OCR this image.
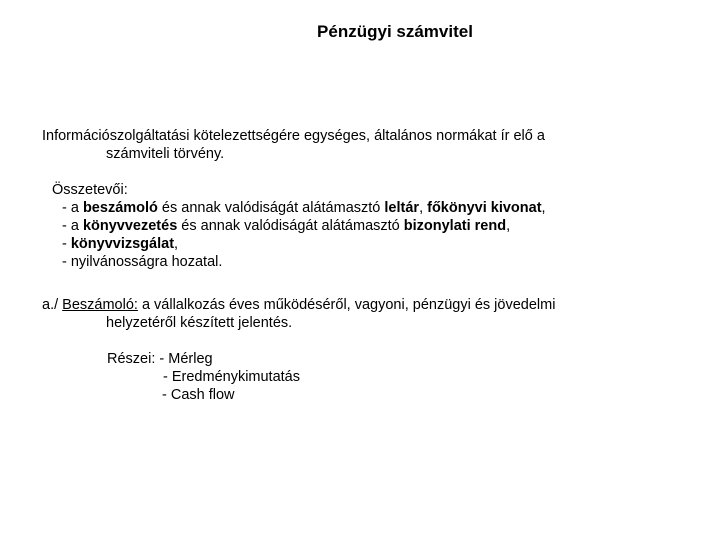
Pénzügyi számvitel
Információszolgáltatási kötelezettségére egységes, általános normákat ír elő a
számviteli törvény.
Összetevői:
- a beszámoló és annak valódiságát alátámasztó leltár, főkönyvi kivonat,
- a könyvvezetés és annak valódiságát alátámasztó bizonylati rend,
- könyvvizsgálat,
- nyilvánosságra hozatal.
a./ Beszámoló: a vállalkozás éves működéséről, vagyoni, pénzügyi és jövedelmi
helyzetéről készített jelentés.
Részei: - Mérleg
- Eredménykimutatás
- Cash flow
